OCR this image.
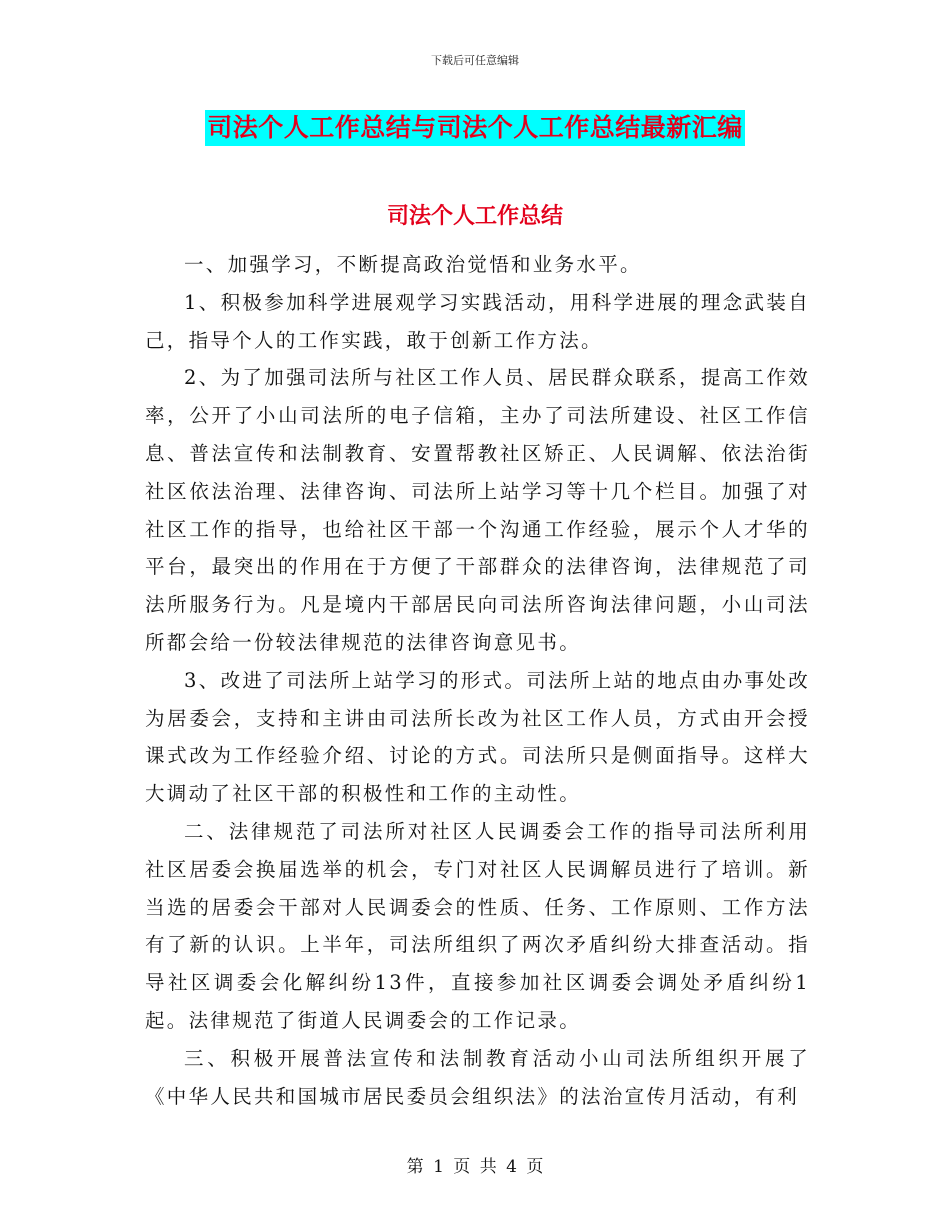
下载后可任意编辑
司法个人工作总结与司法个人工作总结最新汇编
司法个人工作总结

一、加强学习，不断提高政治觉悟和业务水平。

1、积极参加科学进展观学习实践活动，用科学进展的理念武装自己，指导个人的工作实践，敢于创新工作方法。

2、为了加强司法所与社区工作人员、居民群众联系，提高工作效率，公开了小山司法所的电子信箱，主办了司法所建设、社区工作信息、普法宣传和法制教育、安置帮教社区矫正、人民调解、依法治街社区依法治理、法律咨询、司法所上站学习等十几个栏目。加强了对社区工作的指导，也给社区干部一个沟通工作经验，展示个人才华的平台，最突出的作用在于方便了干部群众的法律咨询，法律规范了司法所服务行为。凡是境内干部居民向司法所咨询法律问题，小山司法所都会给一份较法律规范的法律咨询意见书。

3、改进了司法所上站学习的形式。司法所上站的地点由办事处改为居委会，支持和主讲由司法所长改为社区工作人员，方式由开会授课式改为工作经验介绍、讨论的方式。司法所只是侧面指导。这样大大调动了社区干部的积极性和工作的主动性。

二、法律规范了司法所对社区人民调委会工作的指导司法所利用社区居委会换届选举的机会，专门对社区人民调解员进行了培训。新当选的居委会干部对人民调委会的性质、任务、工作原则、工作方法有了新的认识。上半年，司法所组织了两次矛盾纠纷大排查活动。指导社区调委会化解纠纷13件，直接参加社区调委会调处矛盾纠纷1起。法律规范了街道人民调委会的工作记录。

三、积极开展普法宣传和法制教育活动小山司法所组织开展了《中华人民共和国城市居民委员会组织法》的法治宣传月活动，有利

第 1 页 共 4 页
